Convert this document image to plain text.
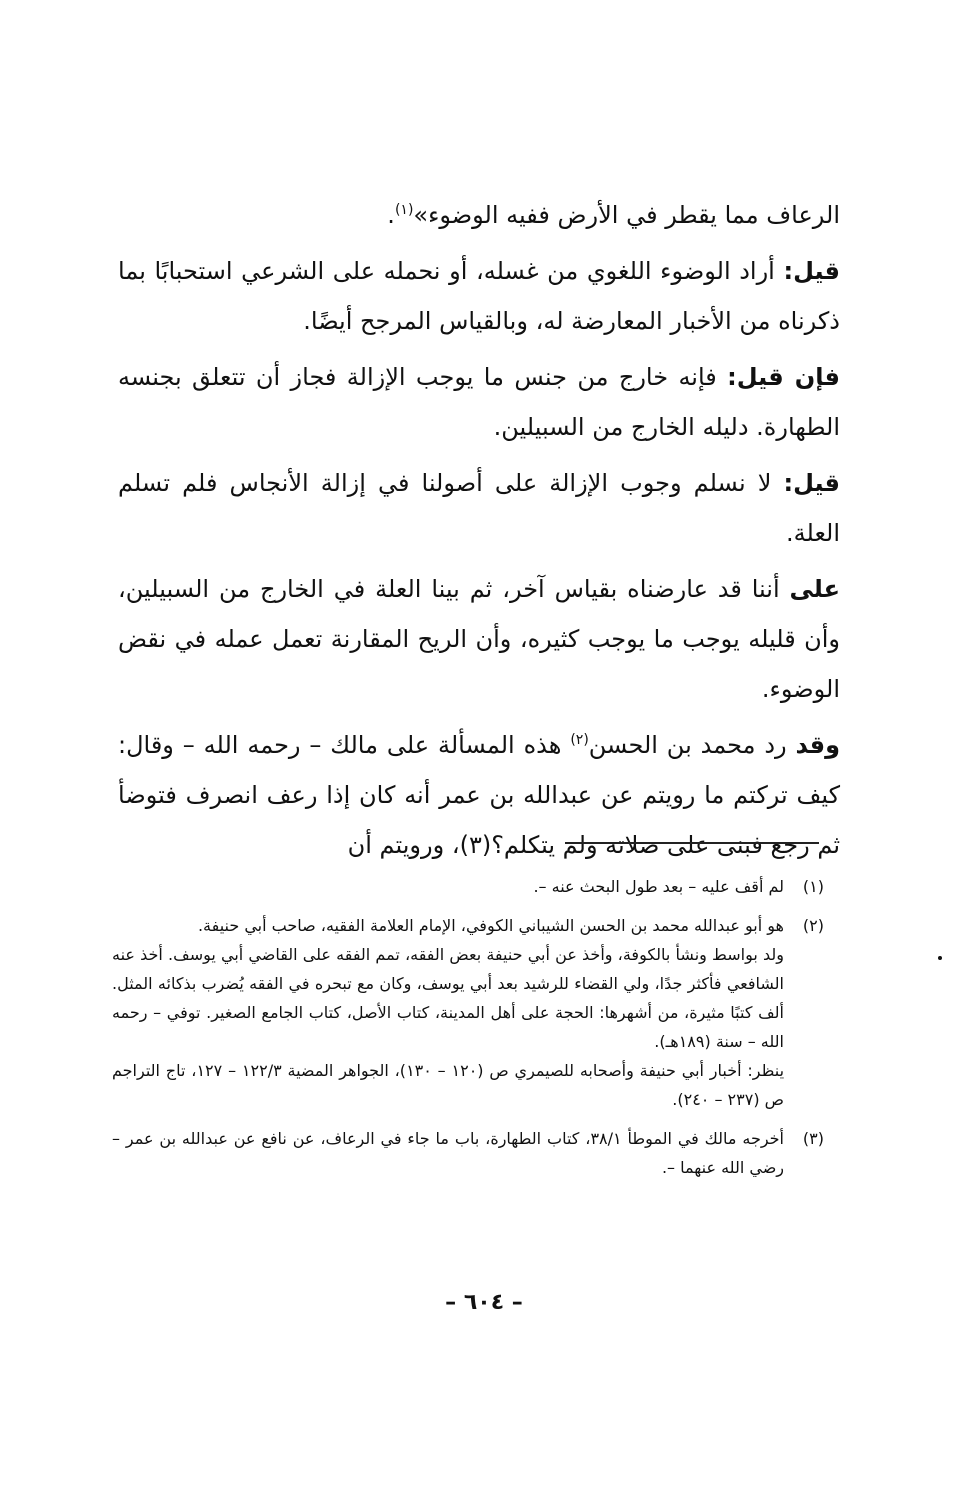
الرعاف مما يقطر في الأرض ففيه الوضوء»$^{(١)}$.

قيل: أراد الوضوء اللغوي من غسله، أو نحمله على الشرعي استحبابًا بما ذكرناه من الأخبار المعارضة له، وبالقياس المرجح أيضًا.

فإن قيل: فإنه خارج من جنس ما يوجب الإزالة فجاز أن تتعلق بجنسه الطهارة. دليله الخارج من السبيلين.

قيل: لا نسلم وجوب الإزالة على أصولنا في إزالة الأنجاس فلم تسلم العلة.

على أننا قد عارضناه بقياس آخر، ثم بينا العلة في الخارج من السبيلين، وأن قليله يوجب ما يوجب كثيره، وأن الريح المقارنة تعمل عمله في نقض الوضوء.

وقد رد محمد بن الحسن$^{(٢)}$ هذه المسألة على مالك – رحمه الله – وقال: كيف تركتم ما رويتم عن عبدالله بن عمر أنه كان إذا رعف انصرف فتوضأ ثم رجع فبنى على صلاته ولم يتكلم؟(٣)، ورويتم أن

(١)

لم أقف عليه – بعد طول البحث عنه –.

(٢)

هو أبو عبدالله محمد بن الحسن الشيباني الكوفي، الإمام العلامة الفقيه، صاحب أبي حنيفة.

ولد بواسط ونشأ بالكوفة، وأخذ عن أبي حنيفة بعض الفقه، تمم الفقه على القاضي أبي يوسف. أخذ عنه الشافعي فأكثر جدًا، ولي القضاء للرشيد بعد أبي يوسف، وكان مع تبحره في الفقه يُضرب بذكائه المثل. ألف كتبًا مثيرة، من أشهرها: الحجة على أهل المدينة، كتاب الأصل، كتاب الجامع الصغير. توفي – رحمه الله – سنة (١٨٩هـ).

ينظر: أخبار أبي حنيفة وأصحابه للصيمري ص (١٢٠ – ١٣٠)، الجواهر المضية ١٢٢/٣ – ١٢٧، تاج التراجم ص (٢٣٧ – ٢٤٠).

(٣)

أخرجه مالك في الموطأ ٣٨/١، كتاب الطهارة، باب ما جاء في الرعاف، عن نافع عن عبدالله بن عمر – رضي الله عنهما –.

– ٦٠٤ –
